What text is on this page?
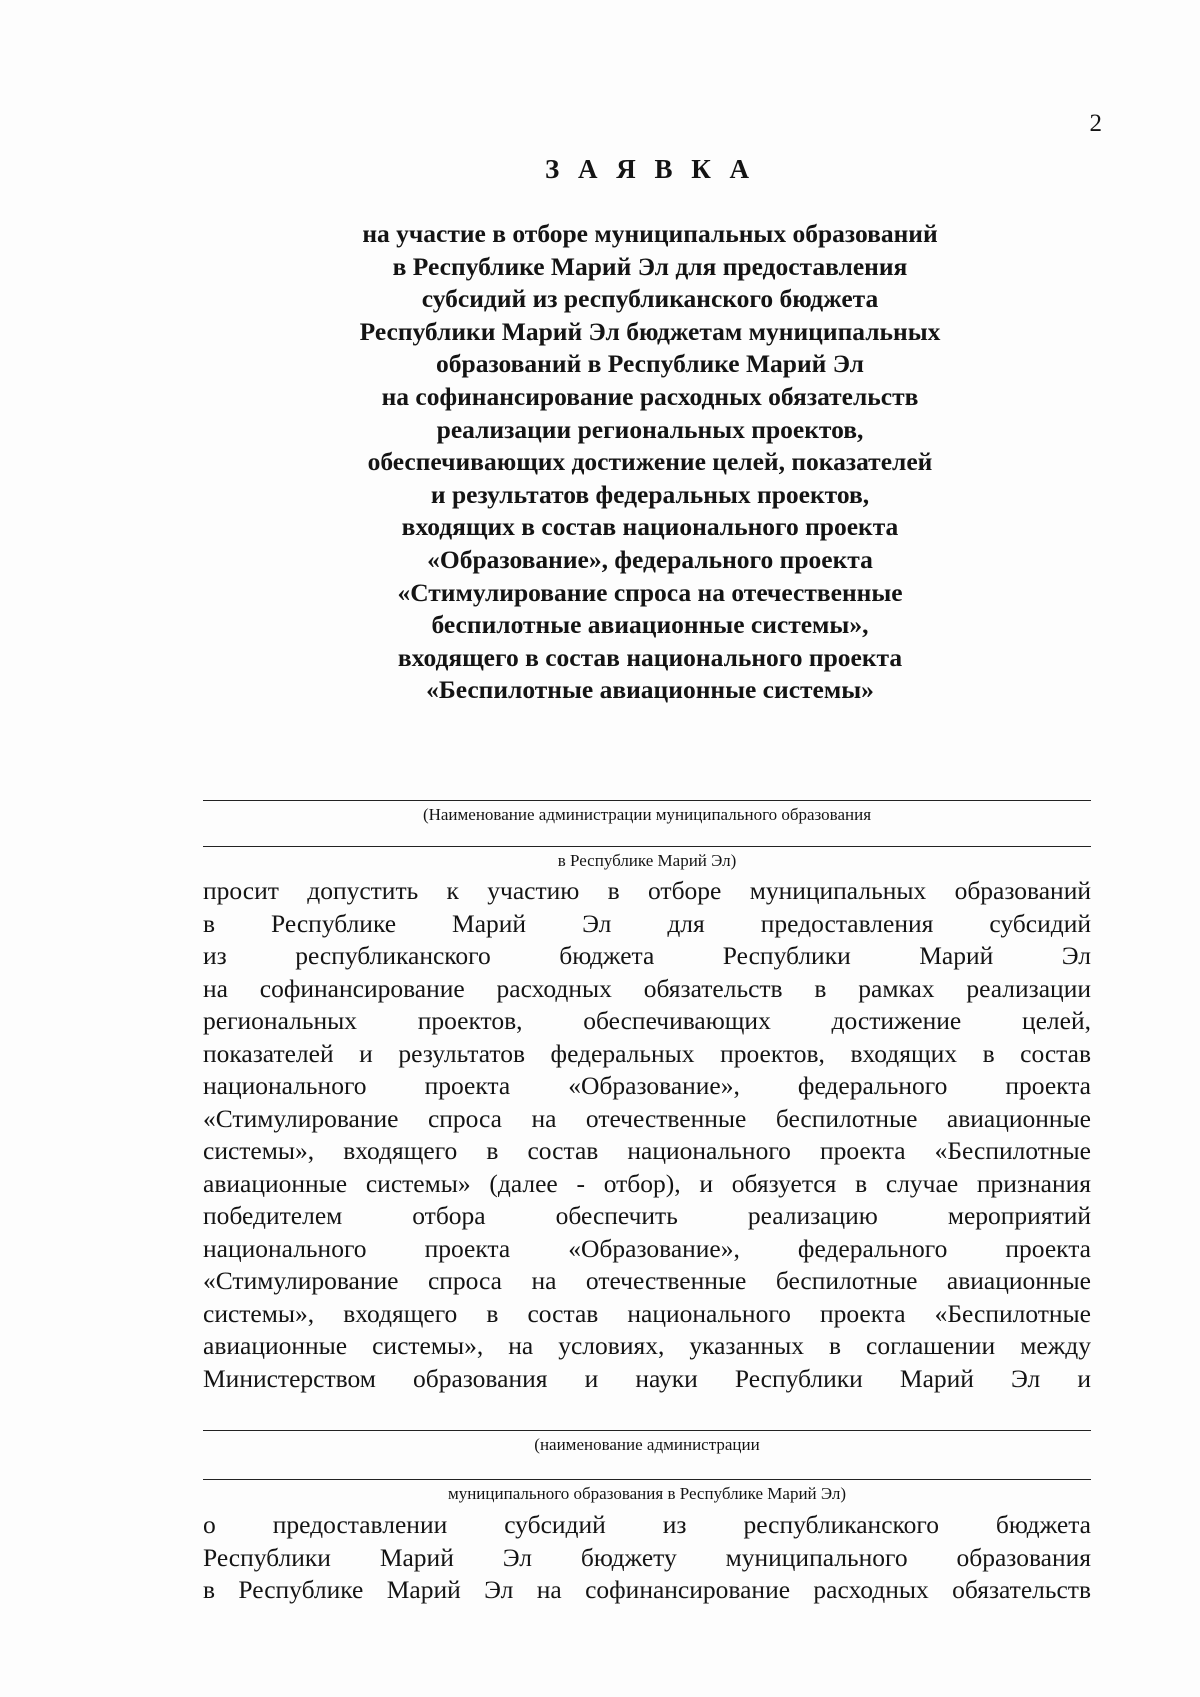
2
З А Я В К А
на участие в отборе муниципальных образований
в Республике Марий Эл для предоставления
субсидий из республиканского бюджета
Республики Марий Эл бюджетам муниципальных
образований в Республике Марий Эл
на софинансирование расходных обязательств
реализации региональных проектов,
обеспечивающих достижение целей, показателей
и результатов федеральных проектов,
входящих в состав национального проекта
«Образование», федерального проекта
«Стимулирование спроса на отечественные
беспилотные авиационные системы»,
входящего в состав национального проекта
«Беспилотные авиационные системы»
(Наименование администрации муниципального образования
в Республике Марий Эл)
просит допустить к участию в отборе муниципальных образований
в Республике Марий Эл для предоставления субсидий
из республиканского бюджета Республики Марий Эл
на софинансирование расходных обязательств в рамках реализации
региональных проектов, обеспечивающих достижение целей,
показателей и результатов федеральных проектов, входящих в состав
национального проекта «Образование», федерального проекта
«Стимулирование спроса на отечественные беспилотные авиационные
системы», входящего в состав национального проекта «Беспилотные
авиационные системы» (далее - отбор), и обязуется в случае признания
победителем отбора обеспечить реализацию мероприятий
национального проекта «Образование», федерального проекта
«Стимулирование спроса на отечественные беспилотные авиационные
системы», входящего в состав национального проекта «Беспилотные
авиационные системы», на условиях, указанных в соглашении между
Министерством образования и науки Республики Марий Эл и
(наименование администрации
муниципального образования в Республике Марий Эл)
о предоставлении субсидий из республиканского бюджета
Республики Марий Эл бюджету муниципального образования
в Республике Марий Эл на софинансирование расходных обязательств
